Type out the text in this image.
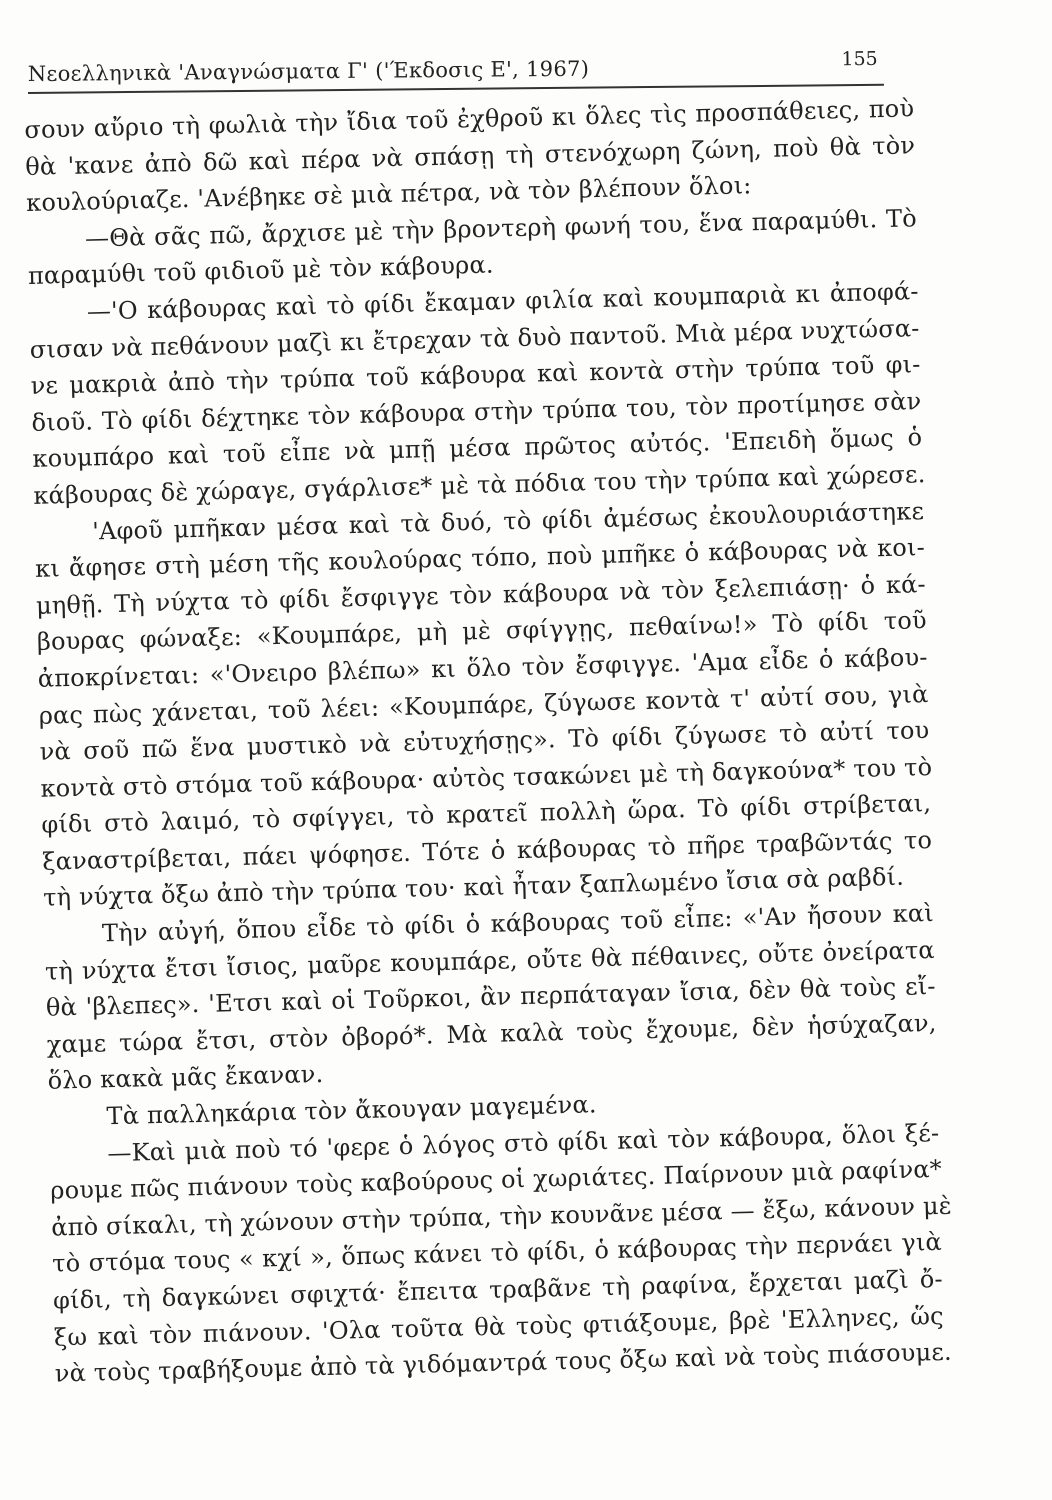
Νεοελληνικὰ 'Αναγνώσματα Γ' ('Έκδοσις Ε', 1967)	155
σουν αὔριο τὴ φωλιὰ τὴν ἴδια τοῦ ἐχθροῦ κι ὅλες τὶς προσπάθειες, ποὺ
θὰ 'κανε ἀπὸ δῶ καὶ πέρα νὰ σπάσῃ τὴ στενόχωρη ζώνη, ποὺ θὰ τὸν
κουλούριαζε. 'Ανέβηκε σὲ μιὰ πέτρα, νὰ τὸν βλέπουν ὅλοι:
—Θὰ σᾶς πῶ, ἄρχισε μὲ τὴν βροντερὴ φωνή του, ἕνα παραμύθι. Τὸ
παραμύθι τοῦ φιδιοῦ μὲ τὸν κάβουρα.
—'Ο κάβουρας καὶ τὸ φίδι ἔκαμαν φιλία καὶ κουμπαριὰ κι ἀποφά-
σισαν νὰ πεθάνουν μαζὶ κι ἔτρεχαν τὰ δυὸ παντοῦ. Μιὰ μέρα νυχτώσα-
νε μακριὰ ἀπὸ τὴν τρύπα τοῦ κάβουρα καὶ κοντὰ στὴν τρύπα τοῦ φι-
διοῦ. Τὸ φίδι δέχτηκε τὸν κάβουρα στὴν τρύπα του, τὸν προτίμησε σὰν
κουμπάρο καὶ τοῦ εἶπε νὰ μπῇ μέσα πρῶτος αὐτός. 'Επειδὴ ὅμως ὁ
κάβουρας δὲ χώραγε, σγάρλισε* μὲ τὰ πόδια του τὴν τρύπα καὶ χώρεσε.
'Αφοῦ μπῆκαν μέσα καὶ τὰ δυό, τὸ φίδι ἀμέσως ἐκουλουριάστηκε
κι ἄφησε στὴ μέση τῆς κουλούρας τόπο, ποὺ μπῆκε ὁ κάβουρας νὰ κοι-
μηθῇ. Τὴ νύχτα τὸ φίδι ἔσφιγγε τὸν κάβουρα νὰ τὸν ξελεπιάσῃ· ὁ κά-
βουρας φώναξε: «Κουμπάρε, μὴ μὲ σφίγγῃς, πεθαίνω!» Τὸ φίδι τοῦ
ἀποκρίνεται: «'Ονειρο βλέπω» κι ὅλο τὸν ἔσφιγγε. 'Αμα εἶδε ὁ κάβου-
ρας πὼς χάνεται, τοῦ λέει: «Κουμπάρε, ζύγωσε κοντὰ τ' αὐτί σου, γιὰ
νὰ σοῦ πῶ ἕνα μυστικὸ νὰ εὐτυχήσῃς». Τὸ φίδι ζύγωσε τὸ αὐτί του
κοντὰ στὸ στόμα τοῦ κάβουρα· αὐτὸς τσακώνει μὲ τὴ δαγκούνα* του τὸ
φίδι στὸ λαιμό, τὸ σφίγγει, τὸ κρατεῖ πολλὴ ὥρα. Τὸ φίδι στρίβεται,
ξαναστρίβεται, πάει ψόφησε. Τότε ὁ κάβουρας τὸ πῆρε τραβῶντάς το
τὴ νύχτα ὄξω ἀπὸ τὴν τρύπα του· καὶ ἦταν ξαπλωμένο ἴσια σὰ ραβδί.
Τὴν αὐγή, ὅπου εἶδε τὸ φίδι ὁ κάβουρας τοῦ εἶπε: «'Αν ἤσουν καὶ
τὴ νύχτα ἔτσι ἴσιος, μαῦρε κουμπάρε, οὔτε θὰ πέθαινες, οὔτε ὀνείρατα
θὰ 'βλεπες». 'Ετσι καὶ οἱ Τοῦρκοι, ἂν περπάταγαν ἴσια, δὲν θὰ τοὺς εἴ-
χαμε τώρα ἔτσι, στὸν ὀβορό*. Μὰ καλὰ τοὺς ἔχουμε, δὲν ἡσύχαζαν,
ὅλο κακὰ μᾶς ἔκαναν.
Τὰ παλληκάρια τὸν ἄκουγαν μαγεμένα.
—Καὶ μιὰ ποὺ τό 'φερε ὁ λόγος στὸ φίδι καὶ τὸν κάβουρα, ὅλοι ξέ-
ρουμε πῶς πιάνουν τοὺς καβούρους οἱ χωριάτες. Παίρνουν μιὰ ραφίνα*
ἀπὸ σίκαλι, τὴ χώνουν στὴν τρύπα, τὴν κουνᾶνε μέσα — ἔξω, κάνουν μὲ
τὸ στόμα τους « κχί », ὅπως κάνει τὸ φίδι, ὁ κάβουρας τὴν περνάει γιὰ
φίδι, τὴ δαγκώνει σφιχτά· ἔπειτα τραβᾶνε τὴ ραφίνα, ἔρχεται μαζὶ ὄ-
ξω καὶ τὸν πιάνουν. 'Ολα τοῦτα θὰ τοὺς φτιάξουμε, βρὲ 'Ελληνες, ὥς
νὰ τοὺς τραβήξουμε ἀπὸ τὰ γιδόμαντρά τους ὄξω καὶ νὰ τοὺς πιάσουμε.
